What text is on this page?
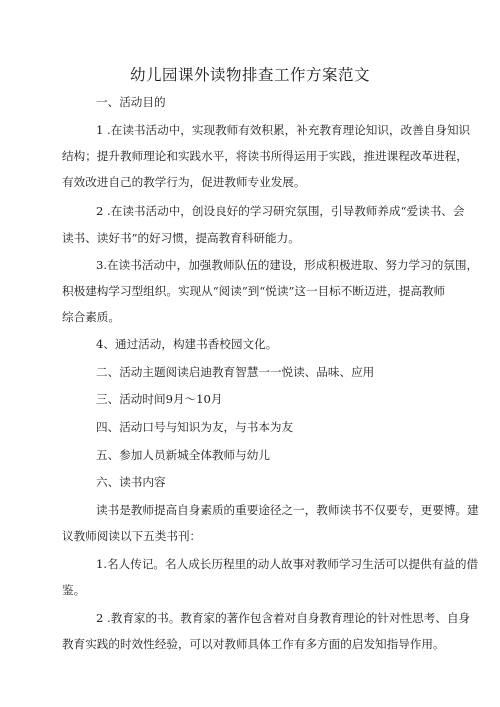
幼儿园课外读物排查工作方案范文
一、活动目的
1 .在读书活动中，实现教师有效积累，补充教育理论知识，改善自身知识
结构；提升教师理论和实践水平，将读书所得运用于实践，推进课程改革进程，
有效改进自己的教学行为，促进教师专业发展。
2 .在读书活动中，创设良好的学习研究氛围，引导教师养成“爱读书、会
读书、读好书”的好习惯，提高教育科研能力。
3.在读书活动中，加强教师队伍的建设，形成积极进取、努力学习的氛围，
积极建构学习型组织。实现从“阅读”到“悦读”这一目标不断迈进，提高教师
综合素质。
4、通过活动，构建书香校园文化。
二、活动主题阅读启迪教育智慧一一悦读、品味、应用
三、活动时间9月〜10月
四、活动口号与知识为友，与书本为友
五、参加人员新城全体教师与幼儿
六、读书内容
读书是教师提高自身素质的重要途径之一，教师读书不仅要专，更要博。建
议教师阅读以下五类书刊：
1.名人传记。名人成长历程里的动人故事对教师学习生活可以提供有益的借
鉴。
2 .教育家的书。教育家的著作包含着对自身教育理论的针对性思考、自身
教育实践的时效性经验，可以对教师具体工作有多方面的启发知指导作用。
